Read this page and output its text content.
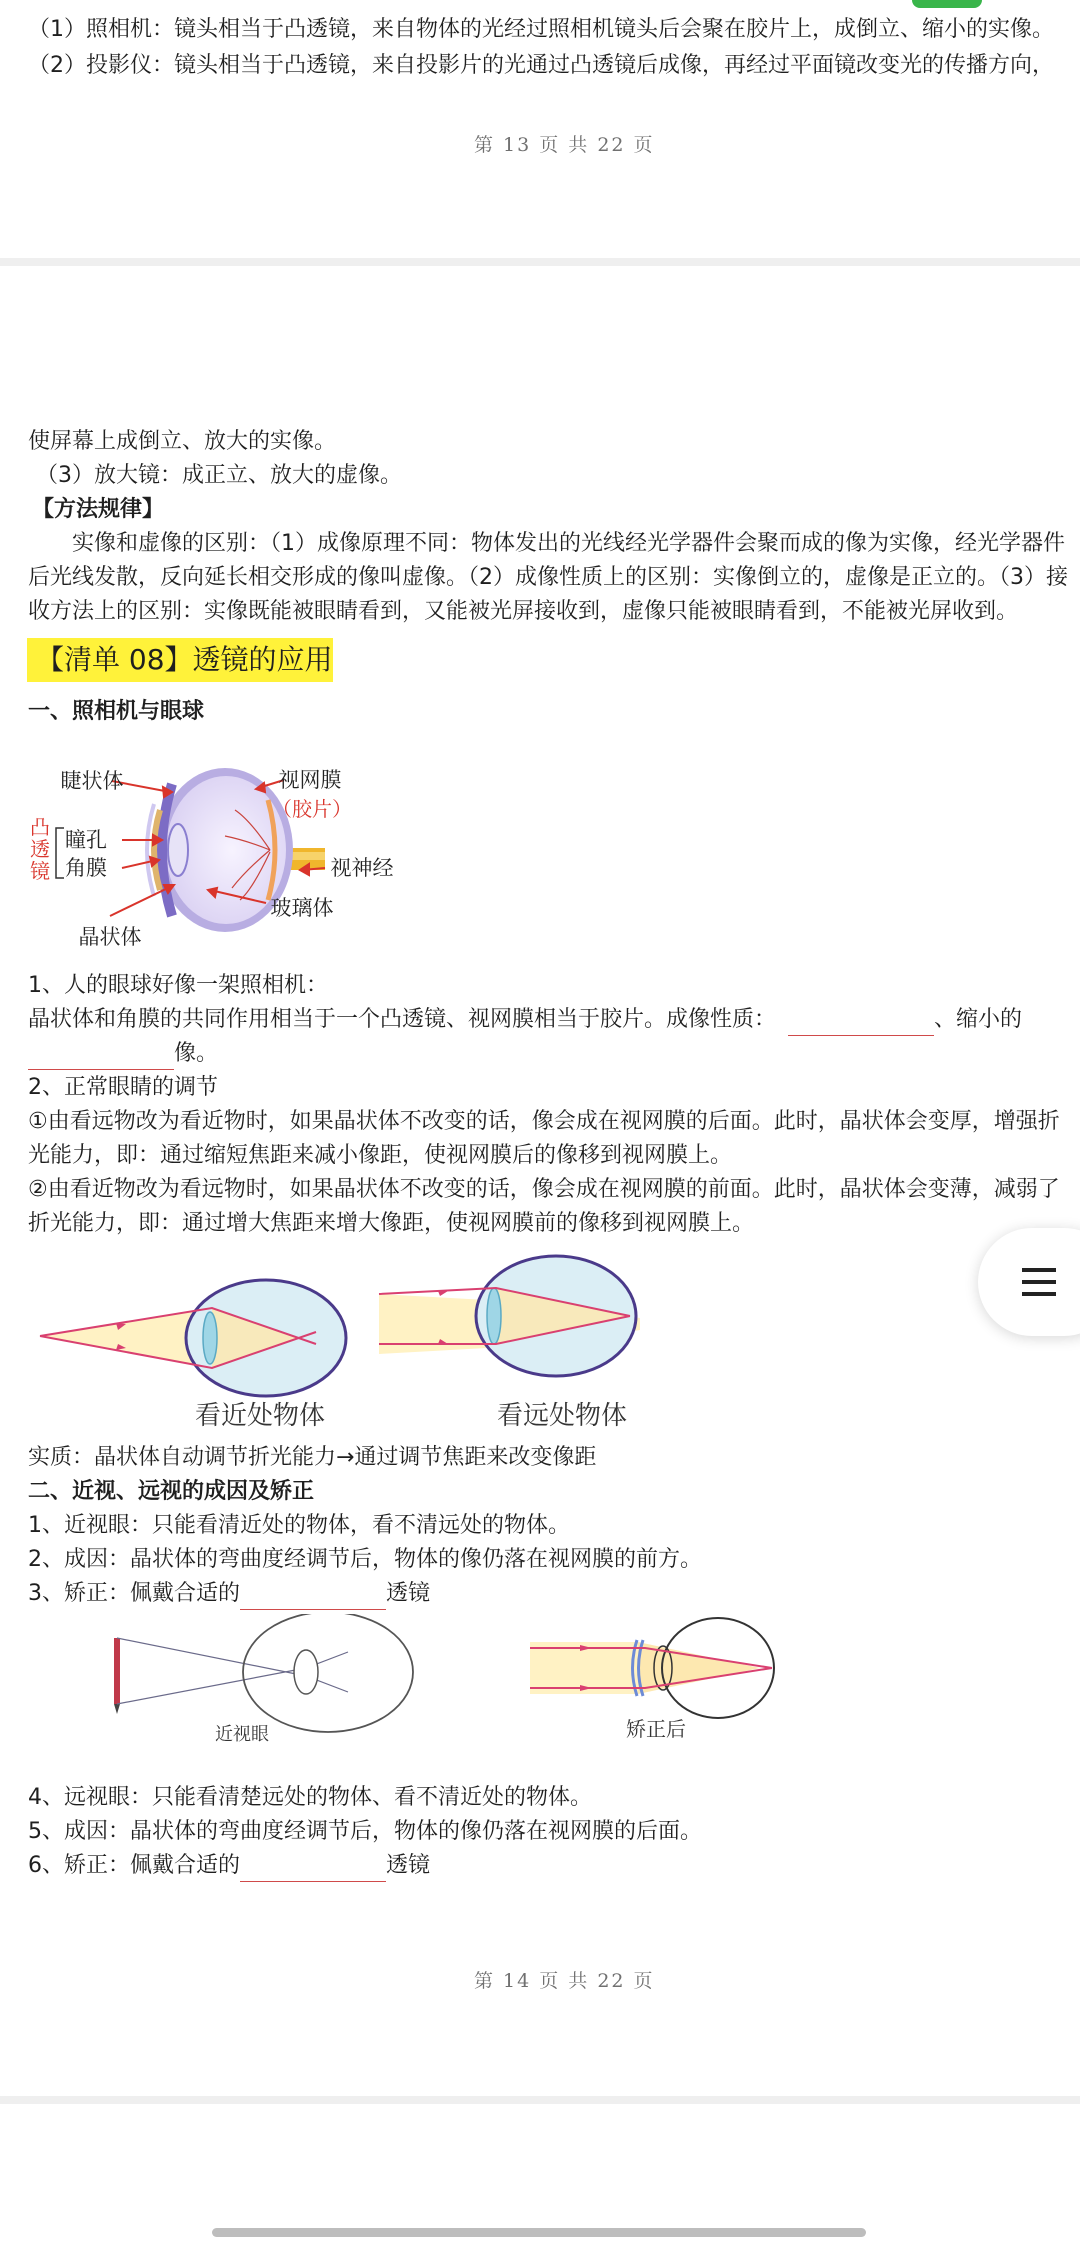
（1）照相机：镜头相当于凸透镜，来自物体的光经过照相机镜头后会聚在胶片上，成倒立、缩小的实像。
（2）投影仪：镜头相当于凸透镜，来自投影片的光通过凸透镜后成像，再经过平面镜改变光的传播方向，
第 13 页 共 22 页
使屏幕上成倒立、放大的实像。
（3）放大镜：成正立、放大的虚像。
【方法规律】
实像和虚像的区别：（1）成像原理不同：物体发出的光线经光学器件会聚而成的像为实像，经光学器件
后光线发散，反向延长相交形成的像叫虚像。（2）成像性质上的区别：实像倒立的，虚像是正立的。（3）接
收方法上的区别：实像既能被眼睛看到，又能被光屏接收到，虚像只能被眼睛看到，不能被光屏收到。
【清单 08】透镜的应用
一、照相机与眼球
睫状体	视网膜
（胶片）
凸
透
镜
瞳孔
角膜	视神经
玻璃体
晶状体
1、人的眼球好像一架照相机：
晶状体和角膜的共同作用相当于一个凸透镜、视网膜相当于胶片。成像性质：	、缩小的
像。
2、正常眼睛的调节
①由看远物改为看近物时，如果晶状体不改变的话，像会成在视网膜的后面。此时，晶状体会变厚，增强折
光能力，即：通过缩短焦距来减小像距，使视网膜后的像移到视网膜上。
②由看近物改为看远物时，如果晶状体不改变的话，像会成在视网膜的前面。此时，晶状体会变薄，减弱了
折光能力，即：通过增大焦距来增大像距，使视网膜前的像移到视网膜上。
看近处物体	看远处物体
实质：晶状体自动调节折光能力→通过调节焦距来改变像距
二、近视、远视的成因及矫正
1、近视眼：只能看清近处的物体，看不清远处的物体。
2、成因：晶状体的弯曲度经调节后，物体的像仍落在视网膜的前方。
3、矫正：佩戴合适的	透镜
近视眼	矫正后
4、远视眼：只能看清楚远处的物体、看不清近处的物体。
5、成因：晶状体的弯曲度经调节后，物体的像仍落在视网膜的后面。
6、矫正：佩戴合适的	透镜
第 14 页 共 22 页
